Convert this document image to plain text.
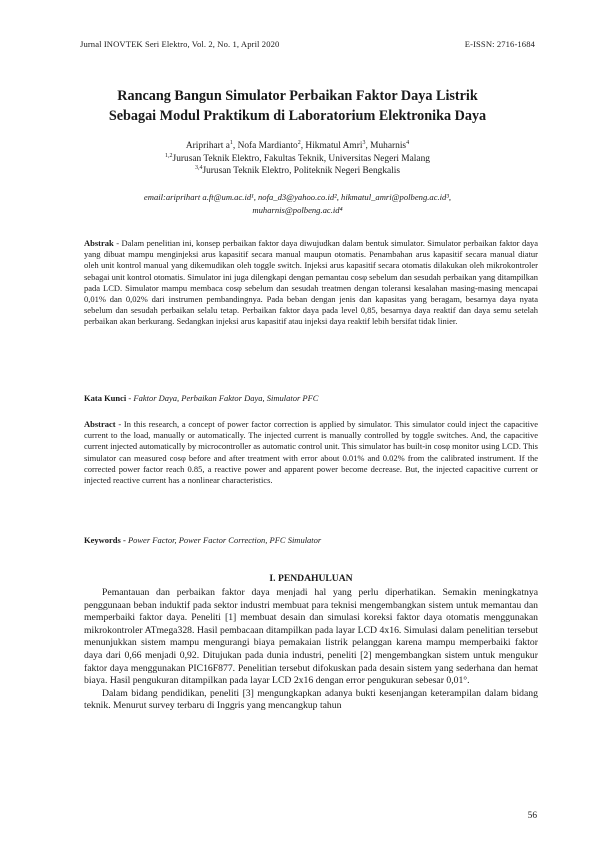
Jurnal INOVTEK Seri Elektro, Vol. 2, No. 1, April 2020	E-ISSN: 2716-1684
Rancang Bangun Simulator Perbaikan Faktor Daya Listrik
Sebagai Modul Praktikum di Laboratorium Elektronika Daya
Ariprihart $a^1$, Nofa Mardianto$^2$, Hikmatul Amri$^3$, Muharnis$^4$
$^{1,2}$Jurusan Teknik Elektro, Fakultas Teknik, Universitas Negeri Malang
$^{3,4}$Jurusan Teknik Elektro, Politeknik Negeri Bengkalis
email:ariprihart a.ft@um.ac.id¹, nofa_d3@yahoo.co.id², hikmatul_amri@polbeng.ac.id³,
muharnis@polbeng.ac.id⁴
Abstrak - Dalam penelitian ini, konsep perbaikan faktor daya diwujudkan dalam bentuk simulator. Simulator perbaikan faktor daya yang dibuat mampu menginjeksi arus kapasitif secara manual maupun otomatis. Penambahan arus kapasitif secara manual diatur oleh unit kontrol manual yang dikemudikan oleh toggle switch. Injeksi arus kapasitif secara otomatis dilakukan oleh mikrokontroler sebagai unit kontrol otomatis. Simulator ini juga dilengkapi dengan pemantau cosφ sebelum dan sesudah perbaikan yang ditampilkan pada LCD. Simulator mampu membaca cosφ sebelum dan sesudah treatmen dengan toleransi kesalahan masing-masing mencapai 0,01% dan 0,02% dari instrumen pembandingnya. Pada beban dengan jenis dan kapasitas yang beragam, besarnya daya nyata sebelum dan sesudah perbaikan selalu tetap. Perbaikan faktor daya pada level 0,85, besarnya daya reaktif dan daya semu setelah perbaikan akan berkurang. Sedangkan injeksi arus kapasitif atau injeksi daya reaktif lebih bersifat tidak linier.
Kata Kunci - Faktor Daya, Perbaikan Faktor Daya, Simulator PFC
Abstract - In this research, a concept of power factor correction is applied by simulator. This simulator could inject the capacitive current to the load, manually or automatically. The injected current is manually controlled by toggle switches. And, the capacitive current injected automatically by microcontroller as automatic control unit. This simulator has built-in cosφ monitor using LCD. This simulator can measured cosφ before and after treatment with error about 0.01% and 0.02% from the calibrated instrument. If the corrected power factor reach 0.85, a reactive power and apparent power become decrease. But, the injected capacitive current or injected reactive current has a nonlinear characteristics.
Keywords - Power Factor, Power Factor Correction, PFC Simulator
I. PENDAHULUAN

Pemantauan dan perbaikan faktor daya menjadi hal yang perlu diperhatikan. Semakin meningkatnya penggunaan beban induktif pada sektor industri membuat para teknisi mengembangkan sistem untuk memantau dan memperbaiki faktor daya. Peneliti [1] membuat desain dan simulasi koreksi faktor daya otomatis menggunakan mikrokontroler ATmega328. Hasil pembacaan ditampilkan pada layar LCD 4x16. Simulasi dalam penelitian tersebut menunjukkan sistem mampu mengurangi biaya pemakaian listrik pelanggan karena mampu memperbaiki faktor daya dari 0,66 menjadi 0,92. Ditujukan pada dunia industri, peneliti [2] mengembangkan sistem untuk mengukur faktor daya menggunakan PIC16F877. Penelitian tersebut difokuskan pada desain sistem yang sederhana dan hemat biaya. Hasil pengukuran ditampilkan pada layar LCD 2x16 dengan error pengukuran sebesar 0,01°.

Dalam bidang pendidikan, peneliti [3] mengungkapkan adanya bukti kesenjangan keterampilan dalam bidang teknik. Menurut survey terbaru di Inggris yang mencangkup tahun

56
